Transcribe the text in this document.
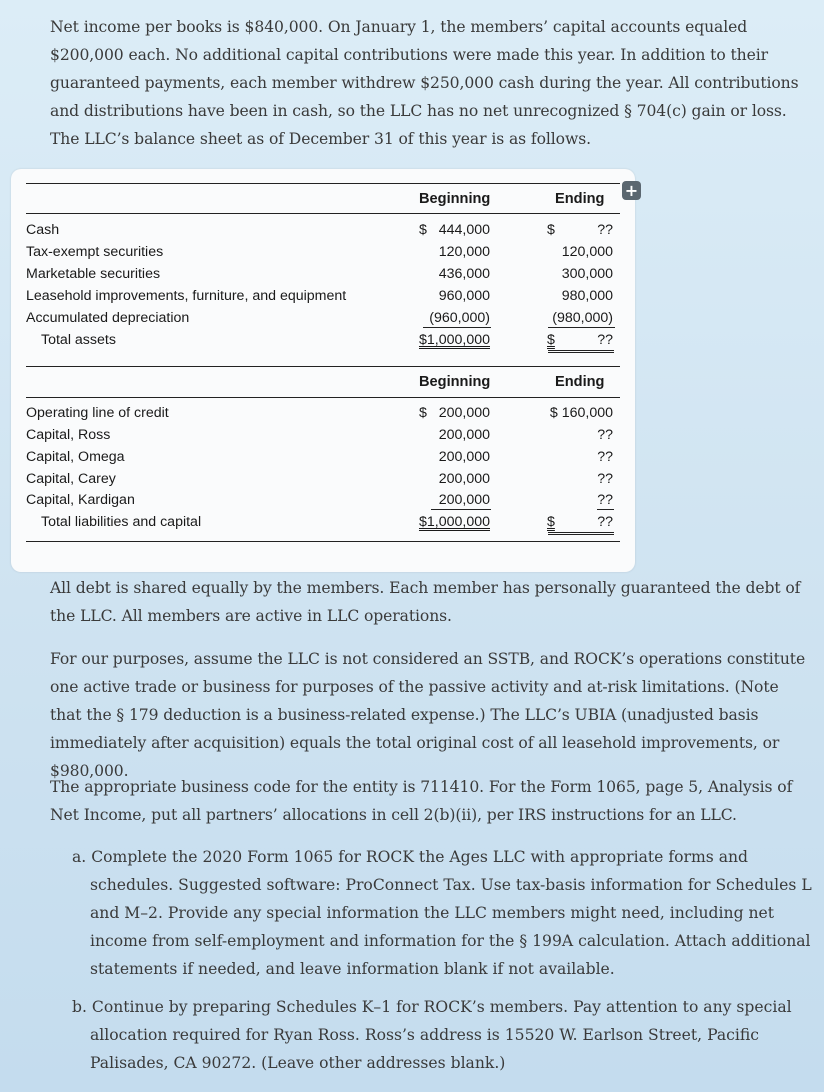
Net income per books is $840,000. On January 1, the members’ capital accounts equaled $200,000 each. No additional capital contributions were made this year. In addition to their guaranteed payments, each member withdrew $250,000 cash during the year. All contributions and distributions have been in cash, so the LLC has no net unrecognized § 704(c) gain or loss. The LLC’s balance sheet as of December 31 of this year is as follows.

Beginning	Ending
Cash	$ 444,000	$	??
Tax-exempt securities	120,000	120,000
Marketable securities	436,000	300,000
Leasehold improvements, furniture, and equipment	960,000	980,000
Accumulated depreciation	(960,000)	(980,000)
Total assets	$1,000,000	$	??
Beginning	Ending
Operating line of credit	$ 200,000	$ 160,000
Capital, Ross	200,000	??
Capital, Omega	200,000	??
Capital, Carey	200,000	??
Capital, Kardigan	200,000	??
Total liabilities and capital	$1,000,000	$	??
+

All debt is shared equally by the members. Each member has personally guaranteed the debt of the LLC. All members are active in LLC operations.

For our purposes, assume the LLC is not considered an SSTB, and ROCK’s operations constitute one active trade or business for purposes of the passive activity and at-risk limitations. (Note that the § 179 deduction is a business-related expense.) The LLC’s UBIA (unadjusted basis immediately after acquisition) equals the total original cost of all leasehold improvements, or $980,000.

The appropriate business code for the entity is 711410. For the Form 1065, page 5, Analysis of Net Income, put all partners’ allocations in cell 2(b)(ii), per IRS instructions for an LLC.

a. Complete the 2020 Form 1065 for ROCK the Ages LLC with appropriate forms and schedules. Suggested software: ProConnect Tax. Use tax-basis information for Schedules L and M–2. Provide any special information the LLC members might need, including net income from self-employment and information for the § 199A calculation. Attach additional statements if needed, and leave information blank if not available.

b. Continue by preparing Schedules K–1 for ROCK’s members. Pay attention to any special allocation required for Ryan Ross. Ross’s address is 15520 W. Earlson Street, Pacific Palisades, CA 90272. (Leave other addresses blank.)
